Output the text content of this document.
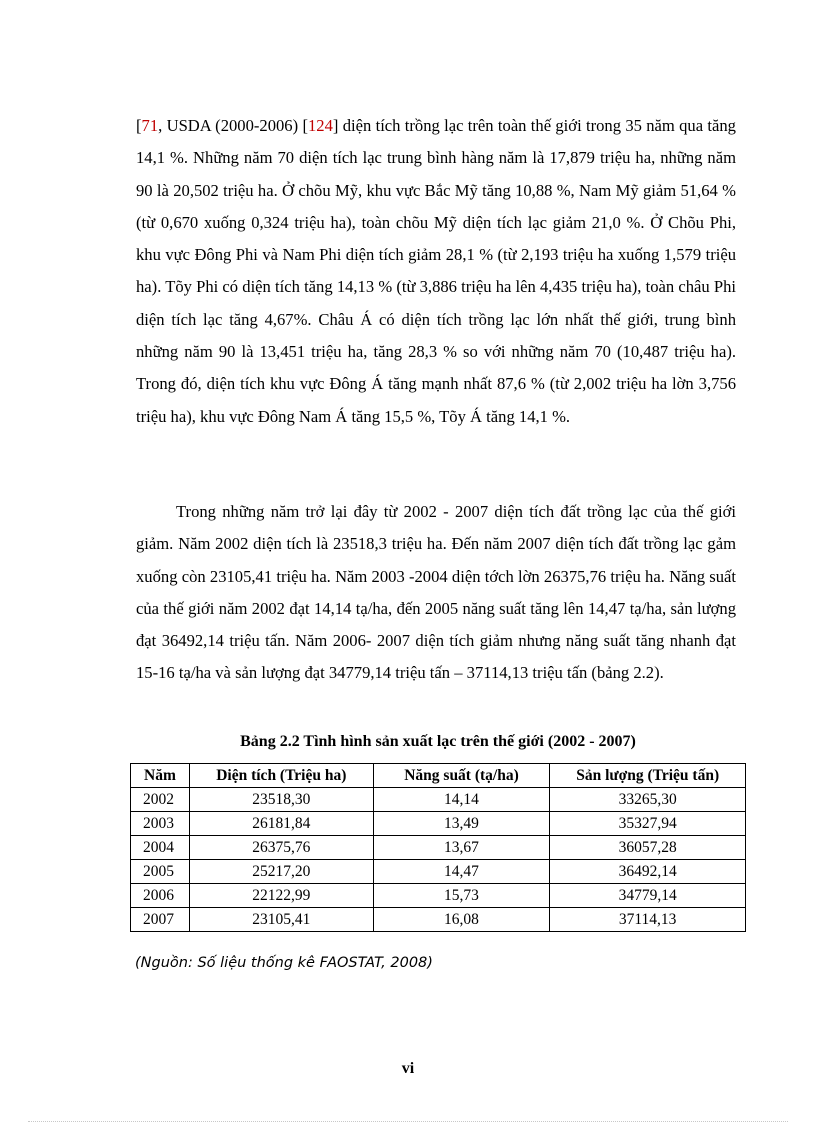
[71, USDA (2000-2006) [124] diện tích trồng lạc trên toàn thế giới trong 35 năm qua tăng 14,1 %. Những năm 70 diện tích lạc trung bình hàng năm là 17,879 triệu ha, những năm 90 là 20,502 triệu ha. Ở chõu Mỹ, khu vực Bắc Mỹ tăng 10,88 %, Nam Mỹ giảm 51,64 % (từ 0,670 xuống 0,324 triệu ha), toàn chõu Mỹ diện tích lạc giảm 21,0 %. Ở Chõu Phi, khu vực Đông Phi và Nam Phi diện tích giảm 28,1 % (từ 2,193 triệu ha xuống 1,579 triệu ha). Tõy Phi có diện tích tăng 14,13 % (từ 3,886 triệu ha lên 4,435 triệu ha), toàn châu Phi diện tích lạc tăng 4,67%. Châu Á có diện tích trồng lạc lớn nhất thế giới, trung bình những năm 90 là 13,451 triệu ha, tăng 28,3 % so với những năm 70 (10,487 triệu ha). Trong đó, diện tích khu vực Đông Á tăng mạnh nhất 87,6 % (từ 2,002 triệu ha lờn 3,756 triệu ha), khu vực Đông Nam Á tăng 15,5 %, Tõy Á tăng 14,1 %.
Trong những năm trở lại đây từ 2002 - 2007 diện tích đất trồng lạc của thế giới giảm. Năm 2002 diện tích là 23518,3 triệu ha. Đến năm 2007 diện tích đất trồng lạc gảm xuống còn 23105,41 triệu ha. Năm 2003 -2004 diện tớch lờn 26375,76 triệu ha. Năng suất của thế giới năm 2002 đạt 14,14 tạ/ha, đến 2005 năng suất tăng lên 14,47 tạ/ha, sản lượng đạt 36492,14 triệu tấn. Năm 2006- 2007 diện tích giảm nhưng năng suất tăng nhanh đạt 15-16 tạ/ha và sản lượng đạt 34779,14 triệu tấn – 37114,13 triệu tấn (bảng 2.2).
Bảng 2.2 Tình hình sản xuất lạc trên thế giới (2002 - 2007)
Năm	Diện tích (Triệu ha)	Năng suất (tạ/ha)	Sản lượng (Triệu tấn)
2002	23518,30	14,14	33265,30
2003	26181,84	13,49	35327,94
2004	26375,76	13,67	36057,28
2005	25217,20	14,47	36492,14
2006	22122,99	15,73	34779,14
2007	23105,41	16,08	37114,13
(Nguồn: Số liệu thống kê FAOSTAT, 2008)
vi
